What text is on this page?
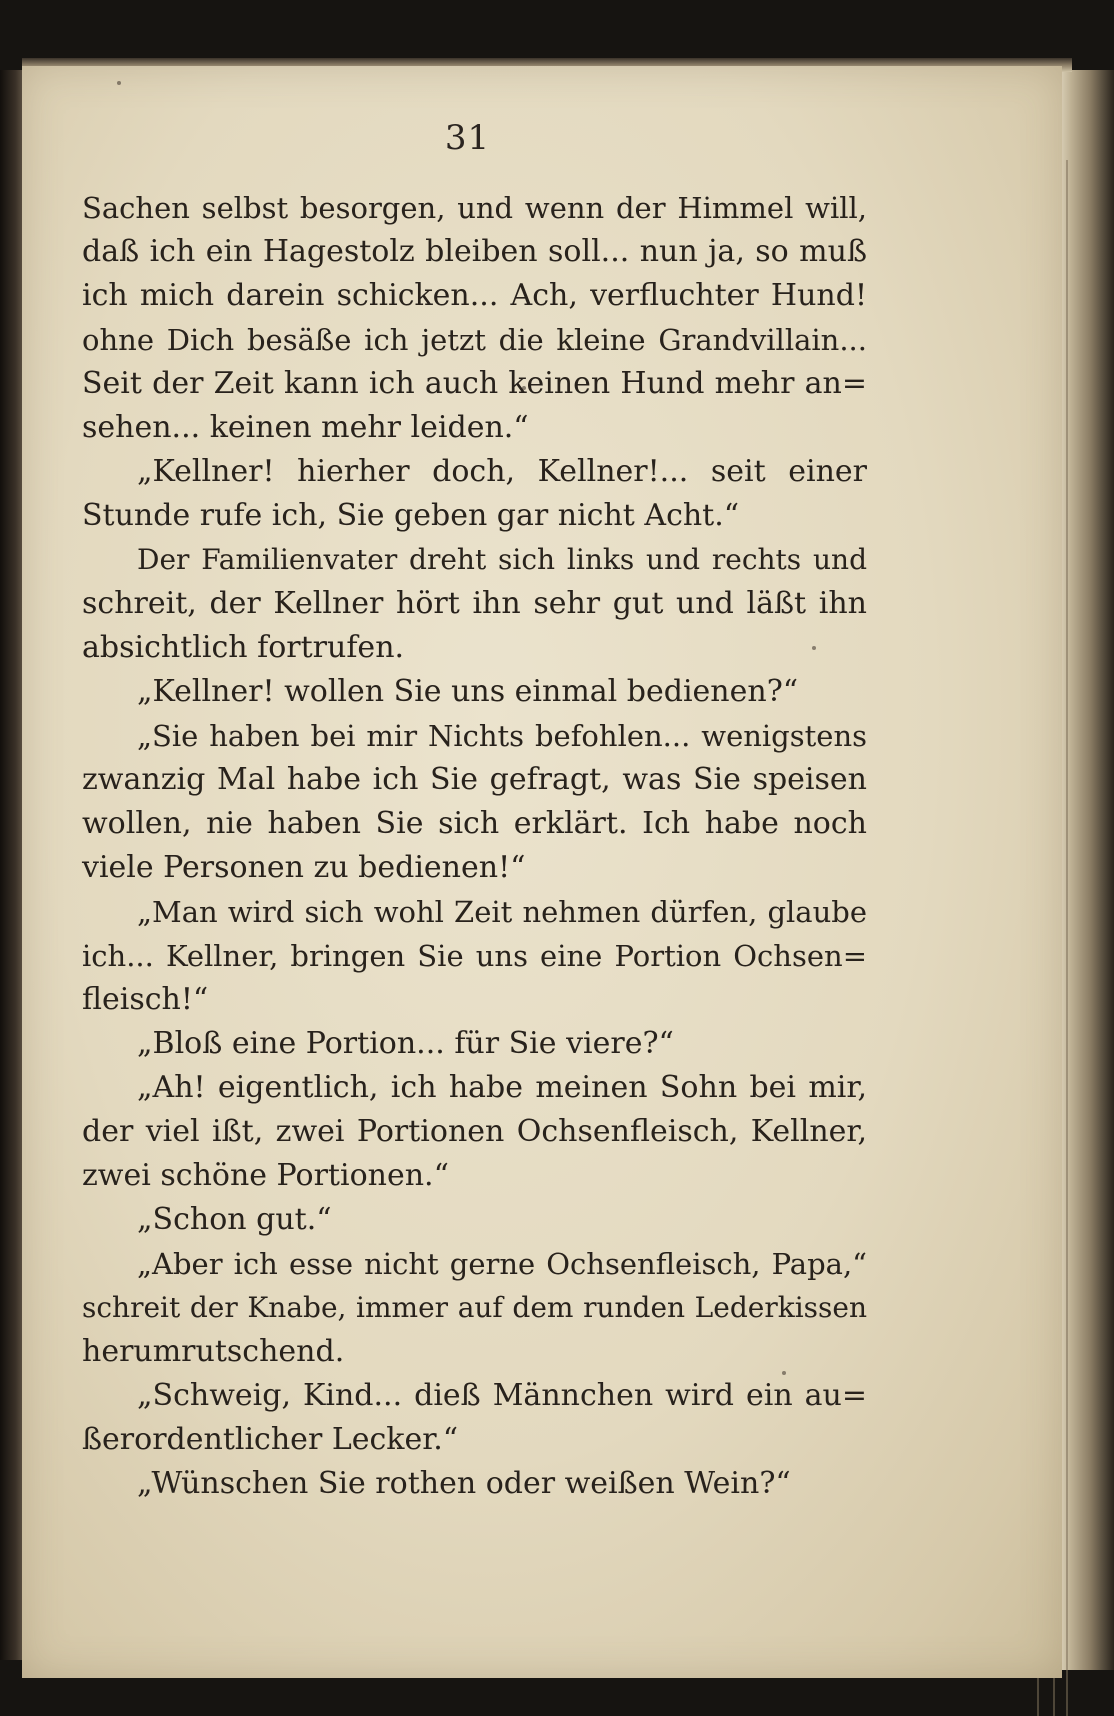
31
Sachen selbst besorgen, und wenn der Himmel will,
daß ich ein Hagestolz bleiben soll... nun ja, so muß
ich mich darein schicken... Ach, verfluchter Hund!
ohne Dich besäße ich jetzt die kleine Grandvillain...
Seit der Zeit kann ich auch keinen Hund mehr an=
sehen... keinen mehr leiden.“
„Kellner! hierher doch, Kellner!... seit einer
Stunde rufe ich, Sie geben gar nicht Acht.“
Der Familienvater dreht sich links und rechts und
schreit, der Kellner hört ihn sehr gut und läßt ihn
absichtlich fortrufen.
„Kellner! wollen Sie uns einmal bedienen?“
„Sie haben bei mir Nichts befohlen... wenigstens
zwanzig Mal habe ich Sie gefragt, was Sie speisen
wollen, nie haben Sie sich erklärt. Ich habe noch
viele Personen zu bedienen!“
„Man wird sich wohl Zeit nehmen dürfen, glaube
ich... Kellner, bringen Sie uns eine Portion Ochsen=
fleisch!“
„Bloß eine Portion... für Sie viere?“
„Ah! eigentlich, ich habe meinen Sohn bei mir,
der viel ißt, zwei Portionen Ochsenfleisch, Kellner,
zwei schöne Portionen.“
„Schon gut.“
„Aber ich esse nicht gerne Ochsenfleisch, Papa,“
schreit der Knabe, immer auf dem runden Lederkissen
herumrutschend.
„Schweig, Kind... dieß Männchen wird ein au=
ßerordentlicher Lecker.“
„Wünschen Sie rothen oder weißen Wein?“
